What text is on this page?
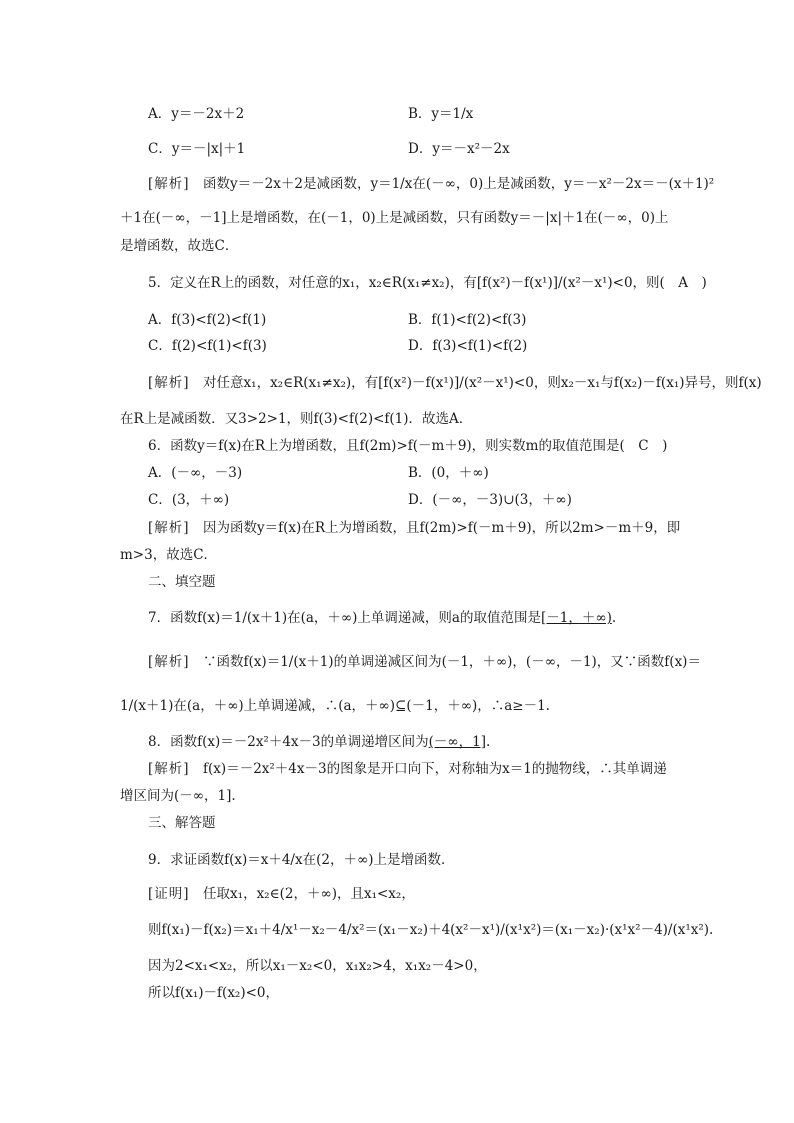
A．y＝－2x＋2	B．y＝1/x
C．y＝－|x|＋1	D．y＝－x²－2x
[解析]　 函数y＝－2x＋2是减函数，y＝1/x在(－∞，0)上是减函数，y＝－x²－2x＝－(x＋1)²
＋1在(－∞，－1]上是增函数，在(－1，0)上是减函数，只有函数y＝－|x|＋1在(－∞，0)上
是增函数，故选C．
5．定义在R上的函数，对任意的x₁，x₂∈R(x₁≠x₂)，有[f(x²)－f(x¹)]/(x²－x¹)<0，则(　A　)
A．f(3)<f(2)<f(1)	B．f(1)<f(2)<f(3)
C．f(2)<f(1)<f(3)	D．f(3)<f(1)<f(2)
[解析]　 对任意x₁，x₂∈R(x₁≠x₂)，有[f(x²)－f(x¹)]/(x²－x¹)<0，则x₂－x₁与f(x₂)－f(x₁)异号，则f(x)
在R上是减函数．又3>2>1，则f(3)<f(2)<f(1)．故选A．
6．函数y＝f(x)在R上为增函数，且f(2m)>f(－m＋9)，则实数m的取值范围是(　C　)
A．(－∞，－3)	B．(0，＋∞)
C．(3，＋∞)	D．(－∞，－3)∪(3，＋∞)
[解析]　 因为函数y＝f(x)在R上为增函数，且f(2m)>f(－m＋9)，所以2m>－m＋9，即
m>3，故选C．
二、填空题
7．函数f(x)＝1/(x＋1)在(a，＋∞)上单调递减，则a的取值范围是[－1，＋∞).
[解析]　 ∵函数f(x)＝1/(x＋1)的单调递减区间为(－1，＋∞)，(－∞，－1)，又∵函数f(x)＝
1/(x＋1)在(a，＋∞)上单调递减，∴(a，＋∞)⊆(－1，＋∞)，∴a≥－1.
8．函数f(x)＝－2x²＋4x－3的单调递增区间为(－∞，1].
[解析]　 f(x)＝－2x²＋4x－3的图象是开口向下，对称轴为x＝1的抛物线，∴其单调递
增区间为(－∞，1].
三、解答题
9．求证函数f(x)＝x＋4/x在(2，＋∞)上是增函数．
[证明]　 任取x₁，x₂∈(2，＋∞)，且x₁<x₂，
则f(x₁)－f(x₂)＝x₁＋4/x¹－x₂－4/x²＝(x₁－x₂)＋4(x²－x¹)/(x¹x²)＝(x₁－x₂)·(x¹x²－4)/(x¹x²).
因为2<x₁<x₂，所以x₁－x₂<0，x₁x₂>4，x₁x₂－4>0，
所以f(x₁)－f(x₂)<0，
